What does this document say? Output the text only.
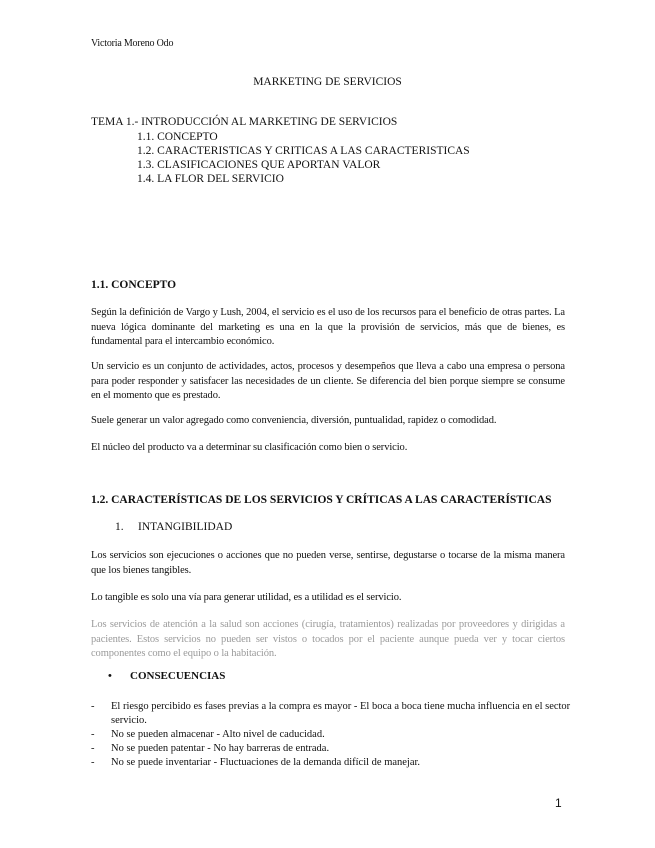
Victoria Moreno Odo
MARKETING DE SERVICIOS
TEMA 1.- INTRODUCCIÓN AL MARKETING DE SERVICIOS
1.1. CONCEPTO
1.2. CARACTERISTICAS Y CRITICAS A LAS CARACTERISTICAS
1.3. CLASIFICACIONES QUE APORTAN VALOR
1.4. LA FLOR DEL SERVICIO
1.1. CONCEPTO
Según la definición de Vargo y Lush, 2004, el servicio es el uso de los recursos para el beneficio de otras partes. La nueva lógica dominante del marketing es una en la que la provisión de servicios, más que de bienes, es fundamental para el intercambio económico.
Un servicio es un conjunto de actividades, actos, procesos y desempeños que lleva a cabo una empresa o persona para poder responder y satisfacer las necesidades de un cliente. Se diferencia del bien porque siempre se consume en el momento que es prestado.
Suele generar un valor agregado como conveniencia, diversión, puntualidad, rapidez o comodidad.
El núcleo del producto va a determinar su clasificación como bien o servicio.
1.2. CARACTERÍSTICAS DE LOS SERVICIOS Y CRÍTICAS A LAS CARACTERÍSTICAS
1. INTANGIBILIDAD
Los servicios son ejecuciones o acciones que no pueden verse, sentirse, degustarse o tocarse de la misma manera que los bienes tangibles.
Lo tangible es solo una vía para generar utilidad, es a utilidad es el servicio.
Los servicios de atención a la salud son acciones (cirugía, tratamientos) realizadas por proveedores y dirigidas a pacientes. Estos servicios no pueden ser vistos o tocados por el paciente aunque pueda ver y tocar ciertos componentes como el equipo o la habitación.
• CONSECUENCIAS
- El riesgo percibido es fases previas a la compra es mayor - El boca a boca tiene mucha influencia en el sector servicio.
- No se pueden almacenar - Alto nivel de caducidad.
- No se pueden patentar - No hay barreras de entrada.
- No se puede inventariar - Fluctuaciones de la demanda difícil de manejar.
1
